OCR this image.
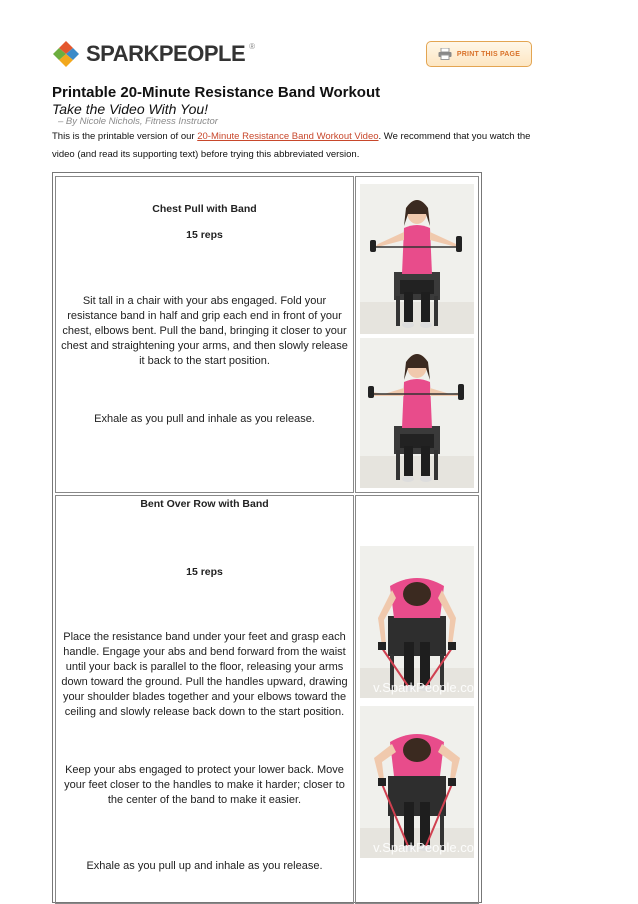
SPARKPEOPLE ®
PRINT THIS PAGE
Printable 20-Minute Resistance Band Workout
Take the Video With You!
– By Nicole Nichols, Fitness Instructor
This is the printable version of our 20-Minute Resistance Band Workout Video. We recommend that you watch the video (and read its supporting text) before trying this abbreviated version.
Chest Pull with Band
15 reps
Sit tall in a chair with your abs engaged. Fold your resistance band in half and grip each end in front of your chest, elbows bent. Pull the band, bringing it closer to your chest and straightening your arms, and then slowly release it back to the start position.
Exhale as you pull and inhale as you release.
Bent Over Row with Band
15 reps
Place the resistance band under your feet and grasp each handle. Engage your abs and bend forward from the waist until your back is parallel to the floor, releasing your arms down toward the ground. Pull the handles upward, drawing your shoulder blades together and your elbows toward the ceiling and slowly release back down to the start position.
Keep your abs engaged to protect your lower back. Move your feet closer to the handles to make it harder; closer to the center of the band to make it easier.
Exhale as you pull up and inhale as you release.
v.SparkPeople.co
v.SparkPeople.co
